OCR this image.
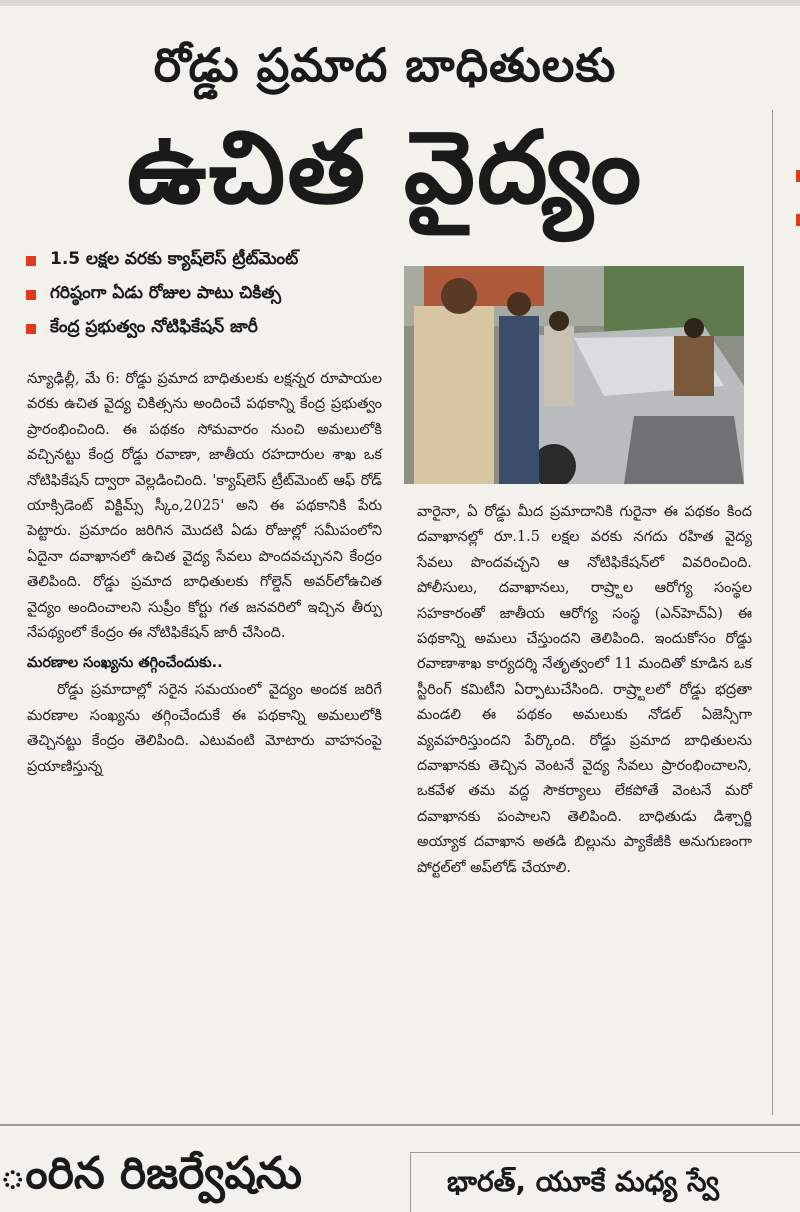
రోడ్డు ప్రమాద బాధితులకు
ఉచిత వైద్యం
1.5 లక్షల వరకు క్యాష్‌లెస్ ట్రీట్‌మెంట్
గరిష్ఠంగా ఏడు రోజుల పాటు చికిత్స
కేంద్ర ప్రభుత్వం నోటిఫికేషన్ జారీ

న్యూఢిల్లీ, మే 6: రోడ్డు ప్రమాద బాధితులకు లక్షన్నర రూపాయల వరకు ఉచిత వైద్య చికిత్సను అందించే పథకాన్ని కేంద్ర ప్రభుత్వం ప్రారంభించింది. ఈ పథకం సోమవారం నుంచి అమలులోకి వచ్చినట్టు కేంద్ర రోడ్డు రవాణా, జాతీయ రహదారుల శాఖ ఒక నోటిఫికేషన్ ద్వారా వెల్లడించింది. 'క్యాష్‌లెస్ ట్రీట్‌మెంట్ ఆఫ్ రోడ్ యాక్సిడెంట్ విక్టిమ్స్ స్కీం,2025' అని ఈ పథకానికి పేరు పెట్టారు. ప్రమాదం జరిగిన మొదటి ఏడు రోజుల్లో సమీపంలోని ఏదైనా దవాఖానలో ఉచిత వైద్య సేవలు పొందవచ్చునని కేంద్రం తెలిపింది. రోడ్డు ప్రమాద బాధితులకు గోల్డెన్ అవర్‌లోఉచిత వైద్యం అందించాలని సుప్రీం కోర్టు గత జనవరిలో ఇచ్చిన తీర్పు నేపథ్యంలో కేంద్రం ఈ నోటిఫికేషన్ జారీ చేసింది.

మరణాల సంఖ్యను తగ్గించేందుకు..

రోడ్డు ప్రమాదాల్లో సరైన సమయంలో వైద్యం అందక జరిగే మరణాల సంఖ్యను తగ్గించేందుకే ఈ పథకాన్ని అమలులోకి తెచ్చినట్టు కేంద్రం తెలిపింది. ఎటువంటి మోటారు వాహనంపై ప్రయాణిస్తున్న

వారైనా, ఏ రోడ్డు మీద ప్రమాదానికి గురైనా ఈ పథకం కింద దవాఖానల్లో రూ.1.5 లక్షల వరకు నగదు రహిత వైద్య సేవలు పొందవచ్చని ఆ నోటిఫికేషన్‌లో వివరించింది. పోలీసులు, దవాఖానలు, రాష్ర్టాల ఆరోగ్య సంస్థల సహకారంతో జాతీయ ఆరోగ్య సంస్థ (ఎన్‌హెచ్‌ఏ) ఈ పథకాన్ని అమలు చేస్తుందని తెలిపింది. ఇందుకోసం రోడ్డు రవాణాశాఖ కార్యదర్శి నేతృత్వంలో 11 మందితో కూడిన ఒక స్టీరింగ్ కమిటీని ఏర్పాటుచేసింది. రాష్ర్టాలలో రోడ్డు భద్రతా మండలి ఈ పథకం అమలుకు నోడల్ ఏజెన్సీగా వ్యవహరిస్తుందని పేర్కొంది. రోడ్డు ప్రమాద బాధితులను దవాఖానకు తెచ్చిన వెంటనే వైద్య సేవలు ప్రారంభించాలని, ఒకవేళ తమ వద్ద సౌకర్యాలు లేకపోతే వెంటనే మరో దవాఖానకు పంపాలని తెలిపింది. బాధితుడు డిశ్చార్జి అయ్యాక దవాఖాన అతడి బిల్లును ప్యాకేజీకి అనుగుణంగా పోర్టల్‌లో అప్‌లోడ్ చేయాలి.

ంరిన రిజర్వేషను	భారత్, యూకే మధ్య స్వే
